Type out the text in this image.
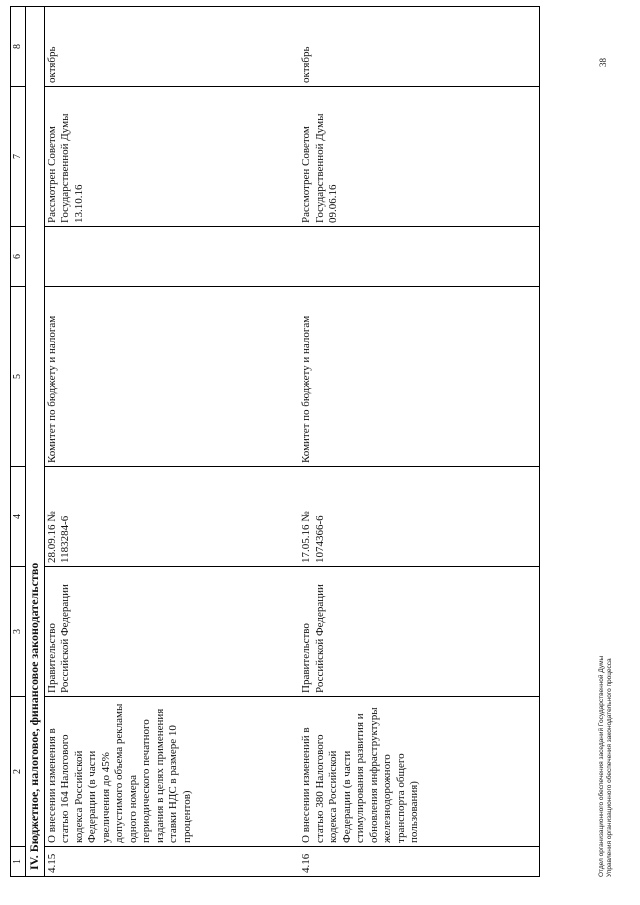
1	2	3	4	5	6	7	8
IV. Бюджетное, налоговое, финансовое законодательство							
4.15	О внесении изменения в статью 164 Налогового кодекса Российской Федерации (в части увеличения до 45% допустимого объема рекламы одного номера периодического печатного издания в целях применения ставки НДС в размере 10 процентов)	Правительство Российской Федерации	28.09.16 № 1183284-6	Комитет по бюджету и налогам		Рассмотрен Советом Государственной Думы 13.10.16	октябрь
4.16	О внесении изменений в статью 380 Налогового кодекса Российской Федерации (в части стимулирования развития и обновления инфраструктуры железнодорожного транспорта общего пользования)	Правительство Российской Федерации	17.05.16 № 1074366-6	Комитет по бюджету и налогам		Рассмотрен Советом Государственной Думы 09.06.16	октябрь
Отдел организационного обеспечения заседаний Государственной Думы Управления организационного обеспечения законодательного процесса
38
